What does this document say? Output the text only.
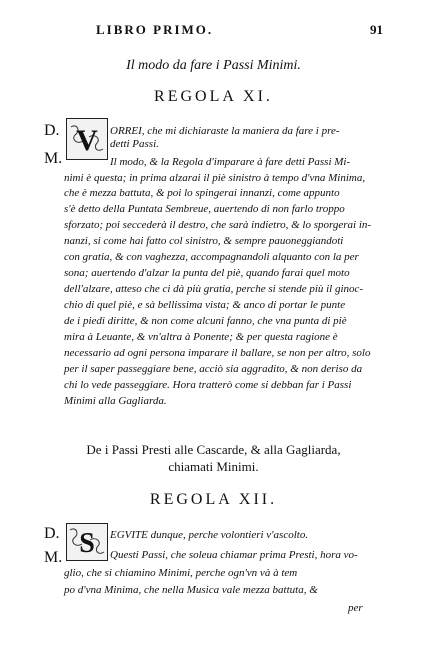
LIBRO PRIMO.	91
Il modo da fare i Passi Minimi.
REGOLA XI.
D.
M.
V ORREI, che mi dichiaraste la maniera da fare i pre-
detti Passi.
Il modo, & la Regola d'imparare à fare detti Passi Mi-
nimi è questa; in prima alzarai il piè sinistro à tempo d'vna Minima,
che è mezza battuta, & poi lo spingerai innanzi, come appunto
s'è detto della Puntata Sembreue, auertendo di non farlo troppo
sforzato; poi seccederà il destro, che sarà indietro, & lo sporgerai in-
nanzi, si come hai fatto col sinistro, & sempre pauoneggiandoti
con gratia, & con vaghezza, accompagnandoli alquanto con la per
sona; auertendo d'alzar la punta del piè, quando farai quel moto
dell'alzare, atteso che ci dà più gratia, perche si stende più il ginoc-
chio di quel piè, e sà bellissima vista; & anco di portar le punte
de i piedi diritte, & non come alcuni fanno, che vna punta di piè
mira à Leuante, & vn'altra à Ponente; & per questa ragione è
necessario ad ogni persona imparare il ballare, se non per altro, solo
per il saper passeggiare bene, acciò sia aggradito, & non deriso da
chi lo vede passeggiare. Hora tratterò come si debban far i Passi
Minimi alla Gagliarda.
De i Passi Presti alle Cascarde, & alla Gagliarda,
chiamati Minimi.
REGOLA XII.
D.
M. S EGVITE dunque, perche volontieri v'ascolto.
Questi Passi, che soleua chiamar prima Presti, hora vo-
glio, che si chiamino Minimi, perche ogn'vn và à tem
po d'vna Minima, che nella Musica vale mezza battuta, &
per
